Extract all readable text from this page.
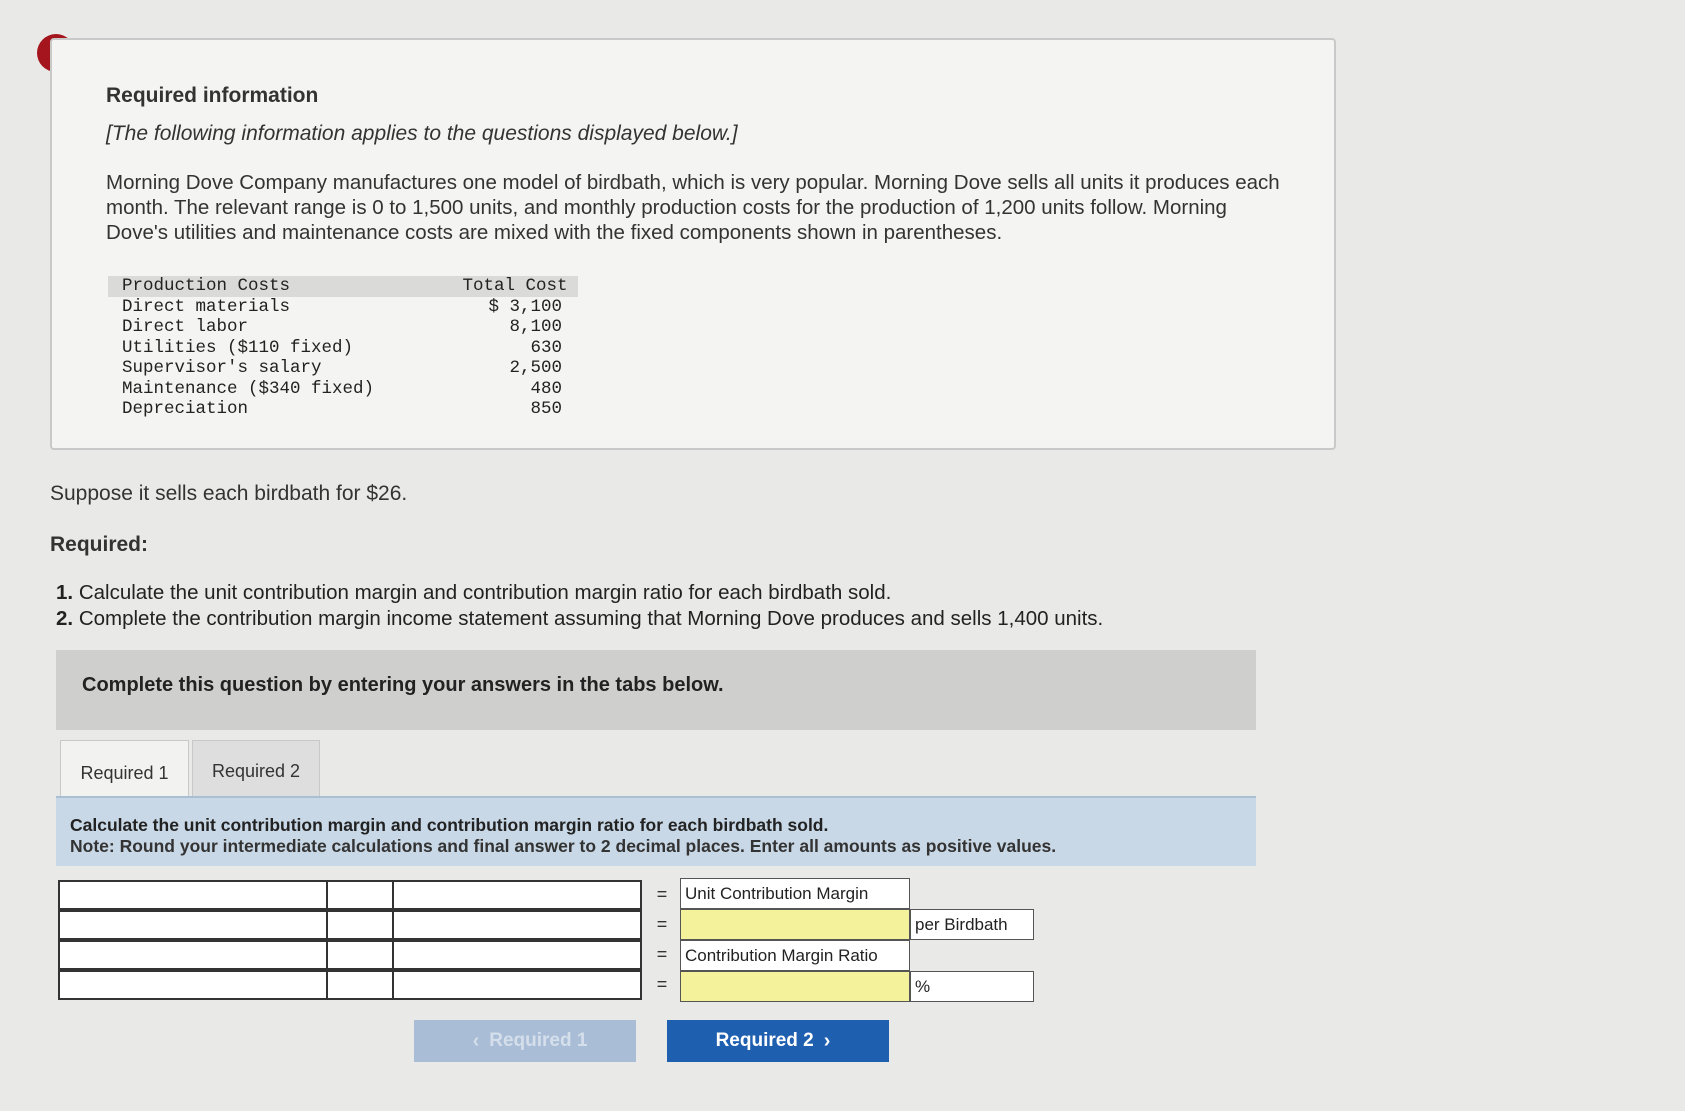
Required information
[The following information applies to the questions displayed below.]
Morning Dove Company manufactures one model of birdbath, which is very popular. Morning Dove sells all units it produces each month. The relevant range is 0 to 1,500 units, and monthly production costs for the production of 1,200 units follow. Morning Dove's utilities and maintenance costs are mixed with the fixed components shown in parentheses.
Production Costs	Total Cost
Direct materials	$ 3,100
Direct labor	8,100
Utilities ($110 fixed)	630
Supervisor's salary	2,500
Maintenance ($340 fixed)	480
Depreciation	850
Suppose it sells each birdbath for $26.
Required:
1. Calculate the unit contribution margin and contribution margin ratio for each birdbath sold.
2. Complete the contribution margin income statement assuming that Morning Dove produces and sells 1,400 units.
Complete this question by entering your answers in the tabs below.
Required 1	Required 2
Calculate the unit contribution margin and contribution margin ratio for each birdbath sold.
Note: Round your intermediate calculations and final answer to 2 decimal places. Enter all amounts as positive values.
= Unit Contribution Margin
=	per Birdbath
= Contribution Margin Ratio
=	%
‹ Required 1	Required 2 ›
